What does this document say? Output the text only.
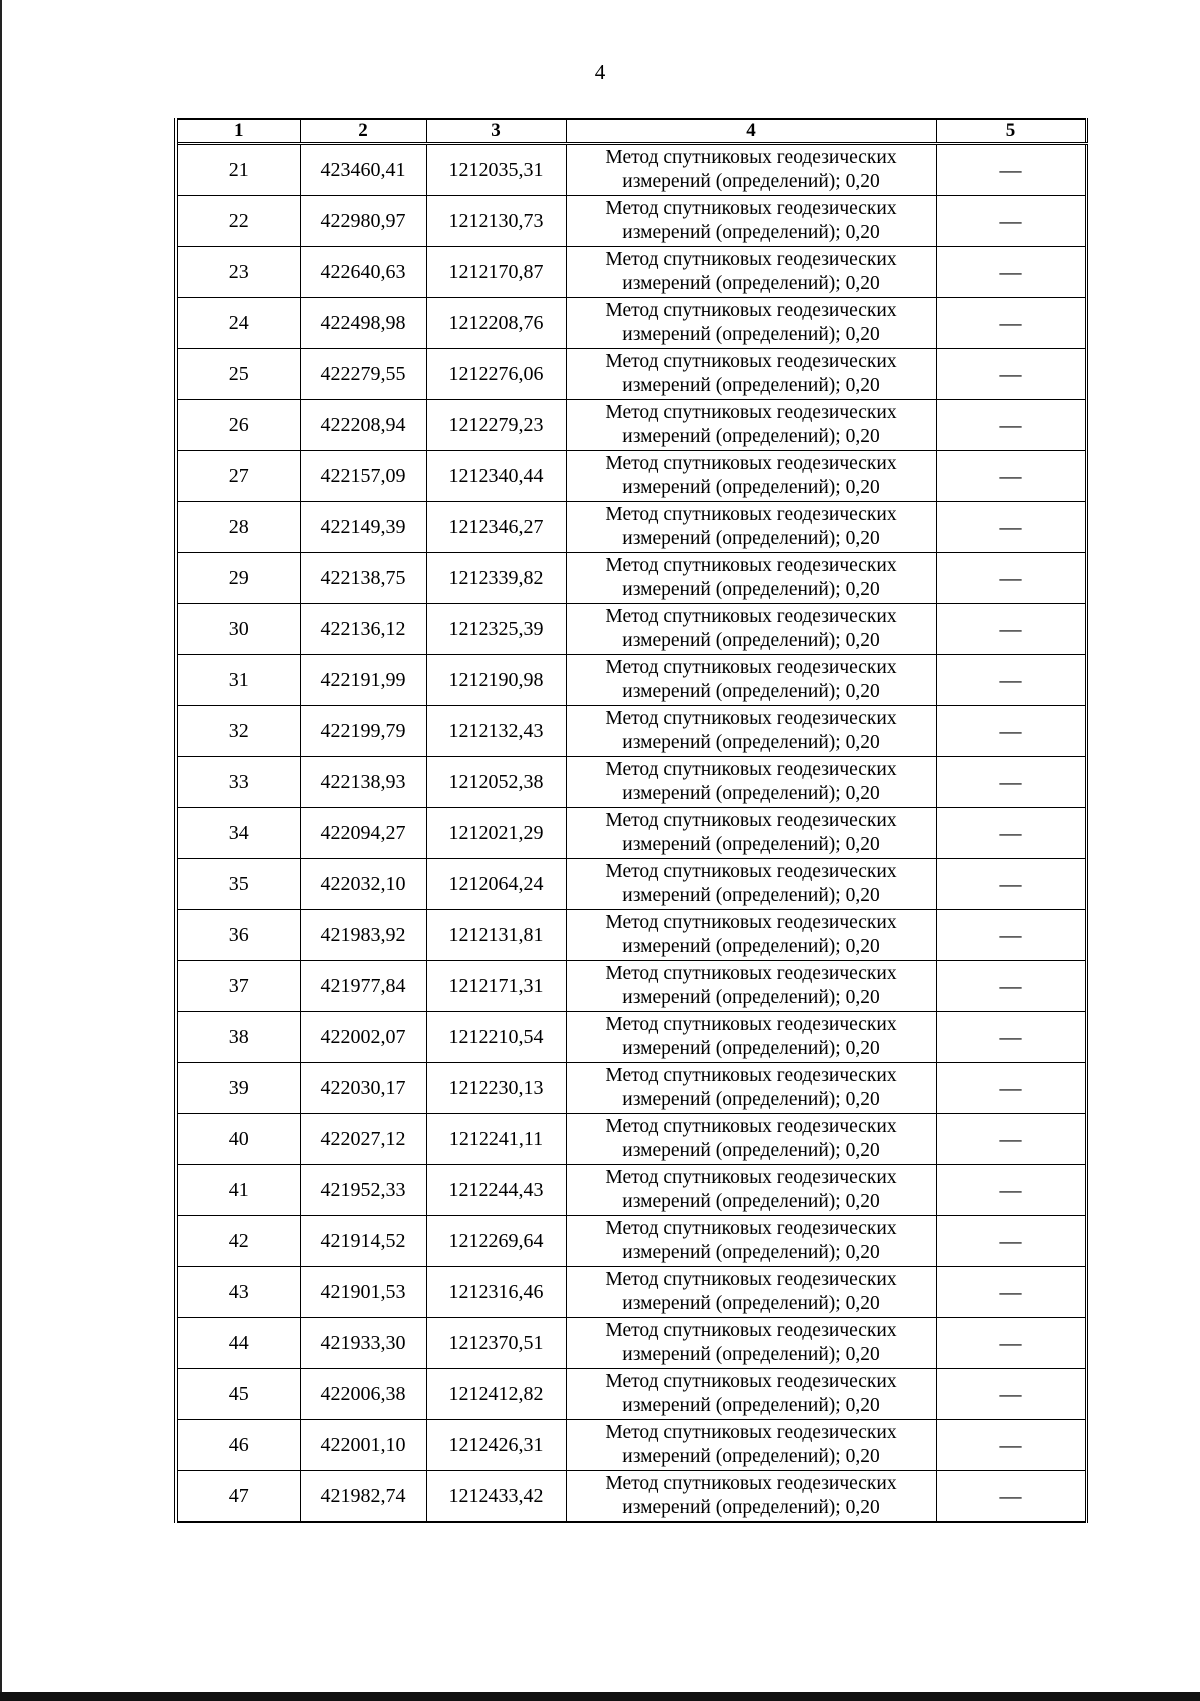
4
1	2	3	4	5
21	423460,41	1212035,31	Метод спутниковых геодезических измерений (определений); 0,20	—
22	422980,97	1212130,73	Метод спутниковых геодезических измерений (определений); 0,20	—
23	422640,63	1212170,87	Метод спутниковых геодезических измерений (определений); 0,20	—
24	422498,98	1212208,76	Метод спутниковых геодезических измерений (определений); 0,20	—
25	422279,55	1212276,06	Метод спутниковых геодезических измерений (определений); 0,20	—
26	422208,94	1212279,23	Метод спутниковых геодезических измерений (определений); 0,20	—
27	422157,09	1212340,44	Метод спутниковых геодезических измерений (определений); 0,20	—
28	422149,39	1212346,27	Метод спутниковых геодезических измерений (определений); 0,20	—
29	422138,75	1212339,82	Метод спутниковых геодезических измерений (определений); 0,20	—
30	422136,12	1212325,39	Метод спутниковых геодезических измерений (определений); 0,20	—
31	422191,99	1212190,98	Метод спутниковых геодезических измерений (определений); 0,20	—
32	422199,79	1212132,43	Метод спутниковых геодезических измерений (определений); 0,20	—
33	422138,93	1212052,38	Метод спутниковых геодезических измерений (определений); 0,20	—
34	422094,27	1212021,29	Метод спутниковых геодезических измерений (определений); 0,20	—
35	422032,10	1212064,24	Метод спутниковых геодезических измерений (определений); 0,20	—
36	421983,92	1212131,81	Метод спутниковых геодезических измерений (определений); 0,20	—
37	421977,84	1212171,31	Метод спутниковых геодезических измерений (определений); 0,20	—
38	422002,07	1212210,54	Метод спутниковых геодезических измерений (определений); 0,20	—
39	422030,17	1212230,13	Метод спутниковых геодезических измерений (определений); 0,20	—
40	422027,12	1212241,11	Метод спутниковых геодезических измерений (определений); 0,20	—
41	421952,33	1212244,43	Метод спутниковых геодезических измерений (определений); 0,20	—
42	421914,52	1212269,64	Метод спутниковых геодезических измерений (определений); 0,20	—
43	421901,53	1212316,46	Метод спутниковых геодезических измерений (определений); 0,20	—
44	421933,30	1212370,51	Метод спутниковых геодезических измерений (определений); 0,20	—
45	422006,38	1212412,82	Метод спутниковых геодезических измерений (определений); 0,20	—
46	422001,10	1212426,31	Метод спутниковых геодезических измерений (определений); 0,20	—
47	421982,74	1212433,42	Метод спутниковых геодезических измерений (определений); 0,20	—
